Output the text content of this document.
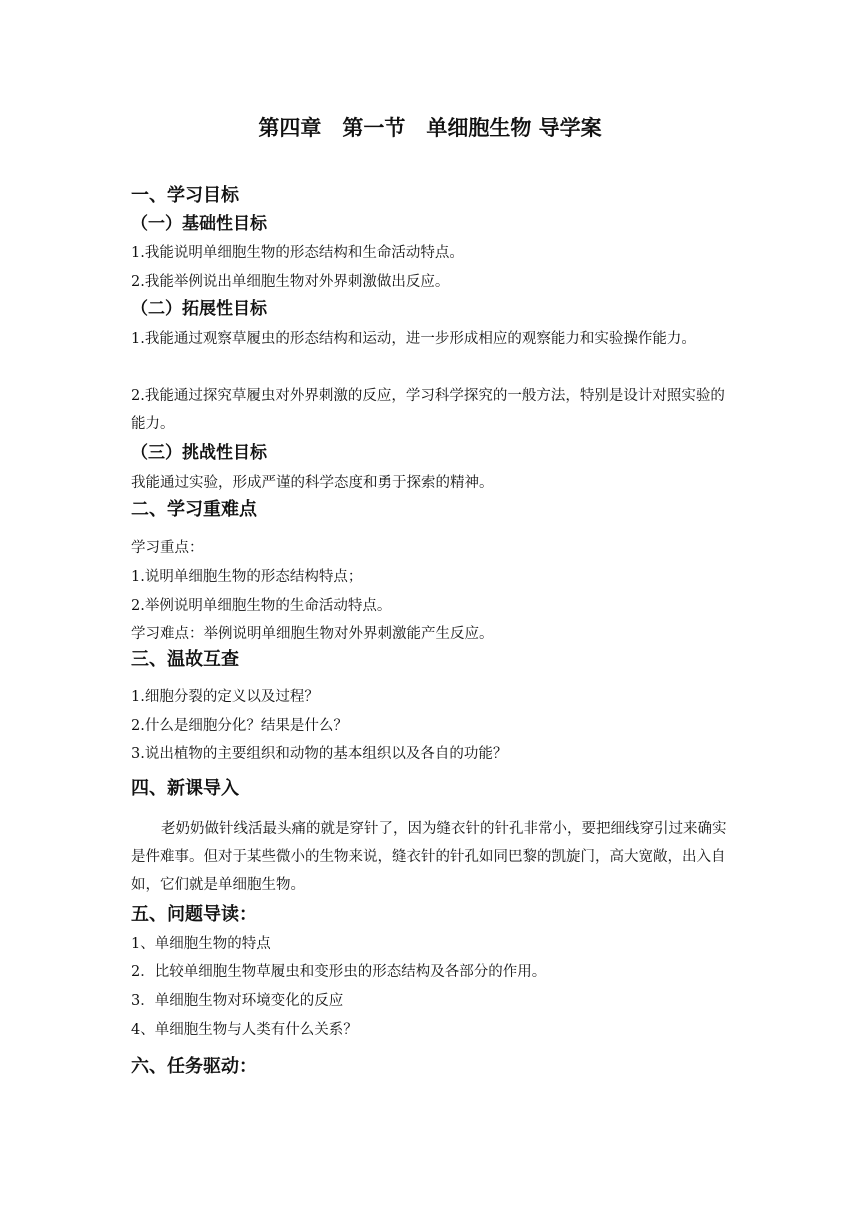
第四章　第一节　单细胞生物 导学案
一、学习目标
（一）基础性目标
1.我能说明单细胞生物的形态结构和生命活动特点。
2.我能举例说出单细胞生物对外界刺激做出反应。
（二）拓展性目标
1.我能通过观察草履虫的形态结构和运动，进一步形成相应的观察能力和实验操作能力。
2.我能通过探究草履虫对外界刺激的反应，学习科学探究的一般方法，特别是设计对照实验的能力。
（三）挑战性目标
我能通过实验，形成严谨的科学态度和勇于探索的精神。
二、学习重难点
学习重点：
1.说明单细胞生物的形态结构特点；
2.举例说明单细胞生物的生命活动特点。
学习难点：举例说明单细胞生物对外界刺激能产生反应。
三、温故互查
1.细胞分裂的定义以及过程？
2.什么是细胞分化？结果是什么？
3.说出植物的主要组织和动物的基本组织以及各自的功能？
四、新课导入
老奶奶做针线活最头痛的就是穿针了，因为缝衣针的针孔非常小，要把细线穿引过来确实是件难事。但对于某些微小的生物来说，缝衣针的针孔如同巴黎的凯旋门，高大宽敞，出入自如，它们就是单细胞生物。
五、问题导读：
1、单细胞生物的特点
2．比较单细胞生物草履虫和变形虫的形态结构及各部分的作用。
3．单细胞生物对环境变化的反应
4、单细胞生物与人类有什么关系？
六、任务驱动：
